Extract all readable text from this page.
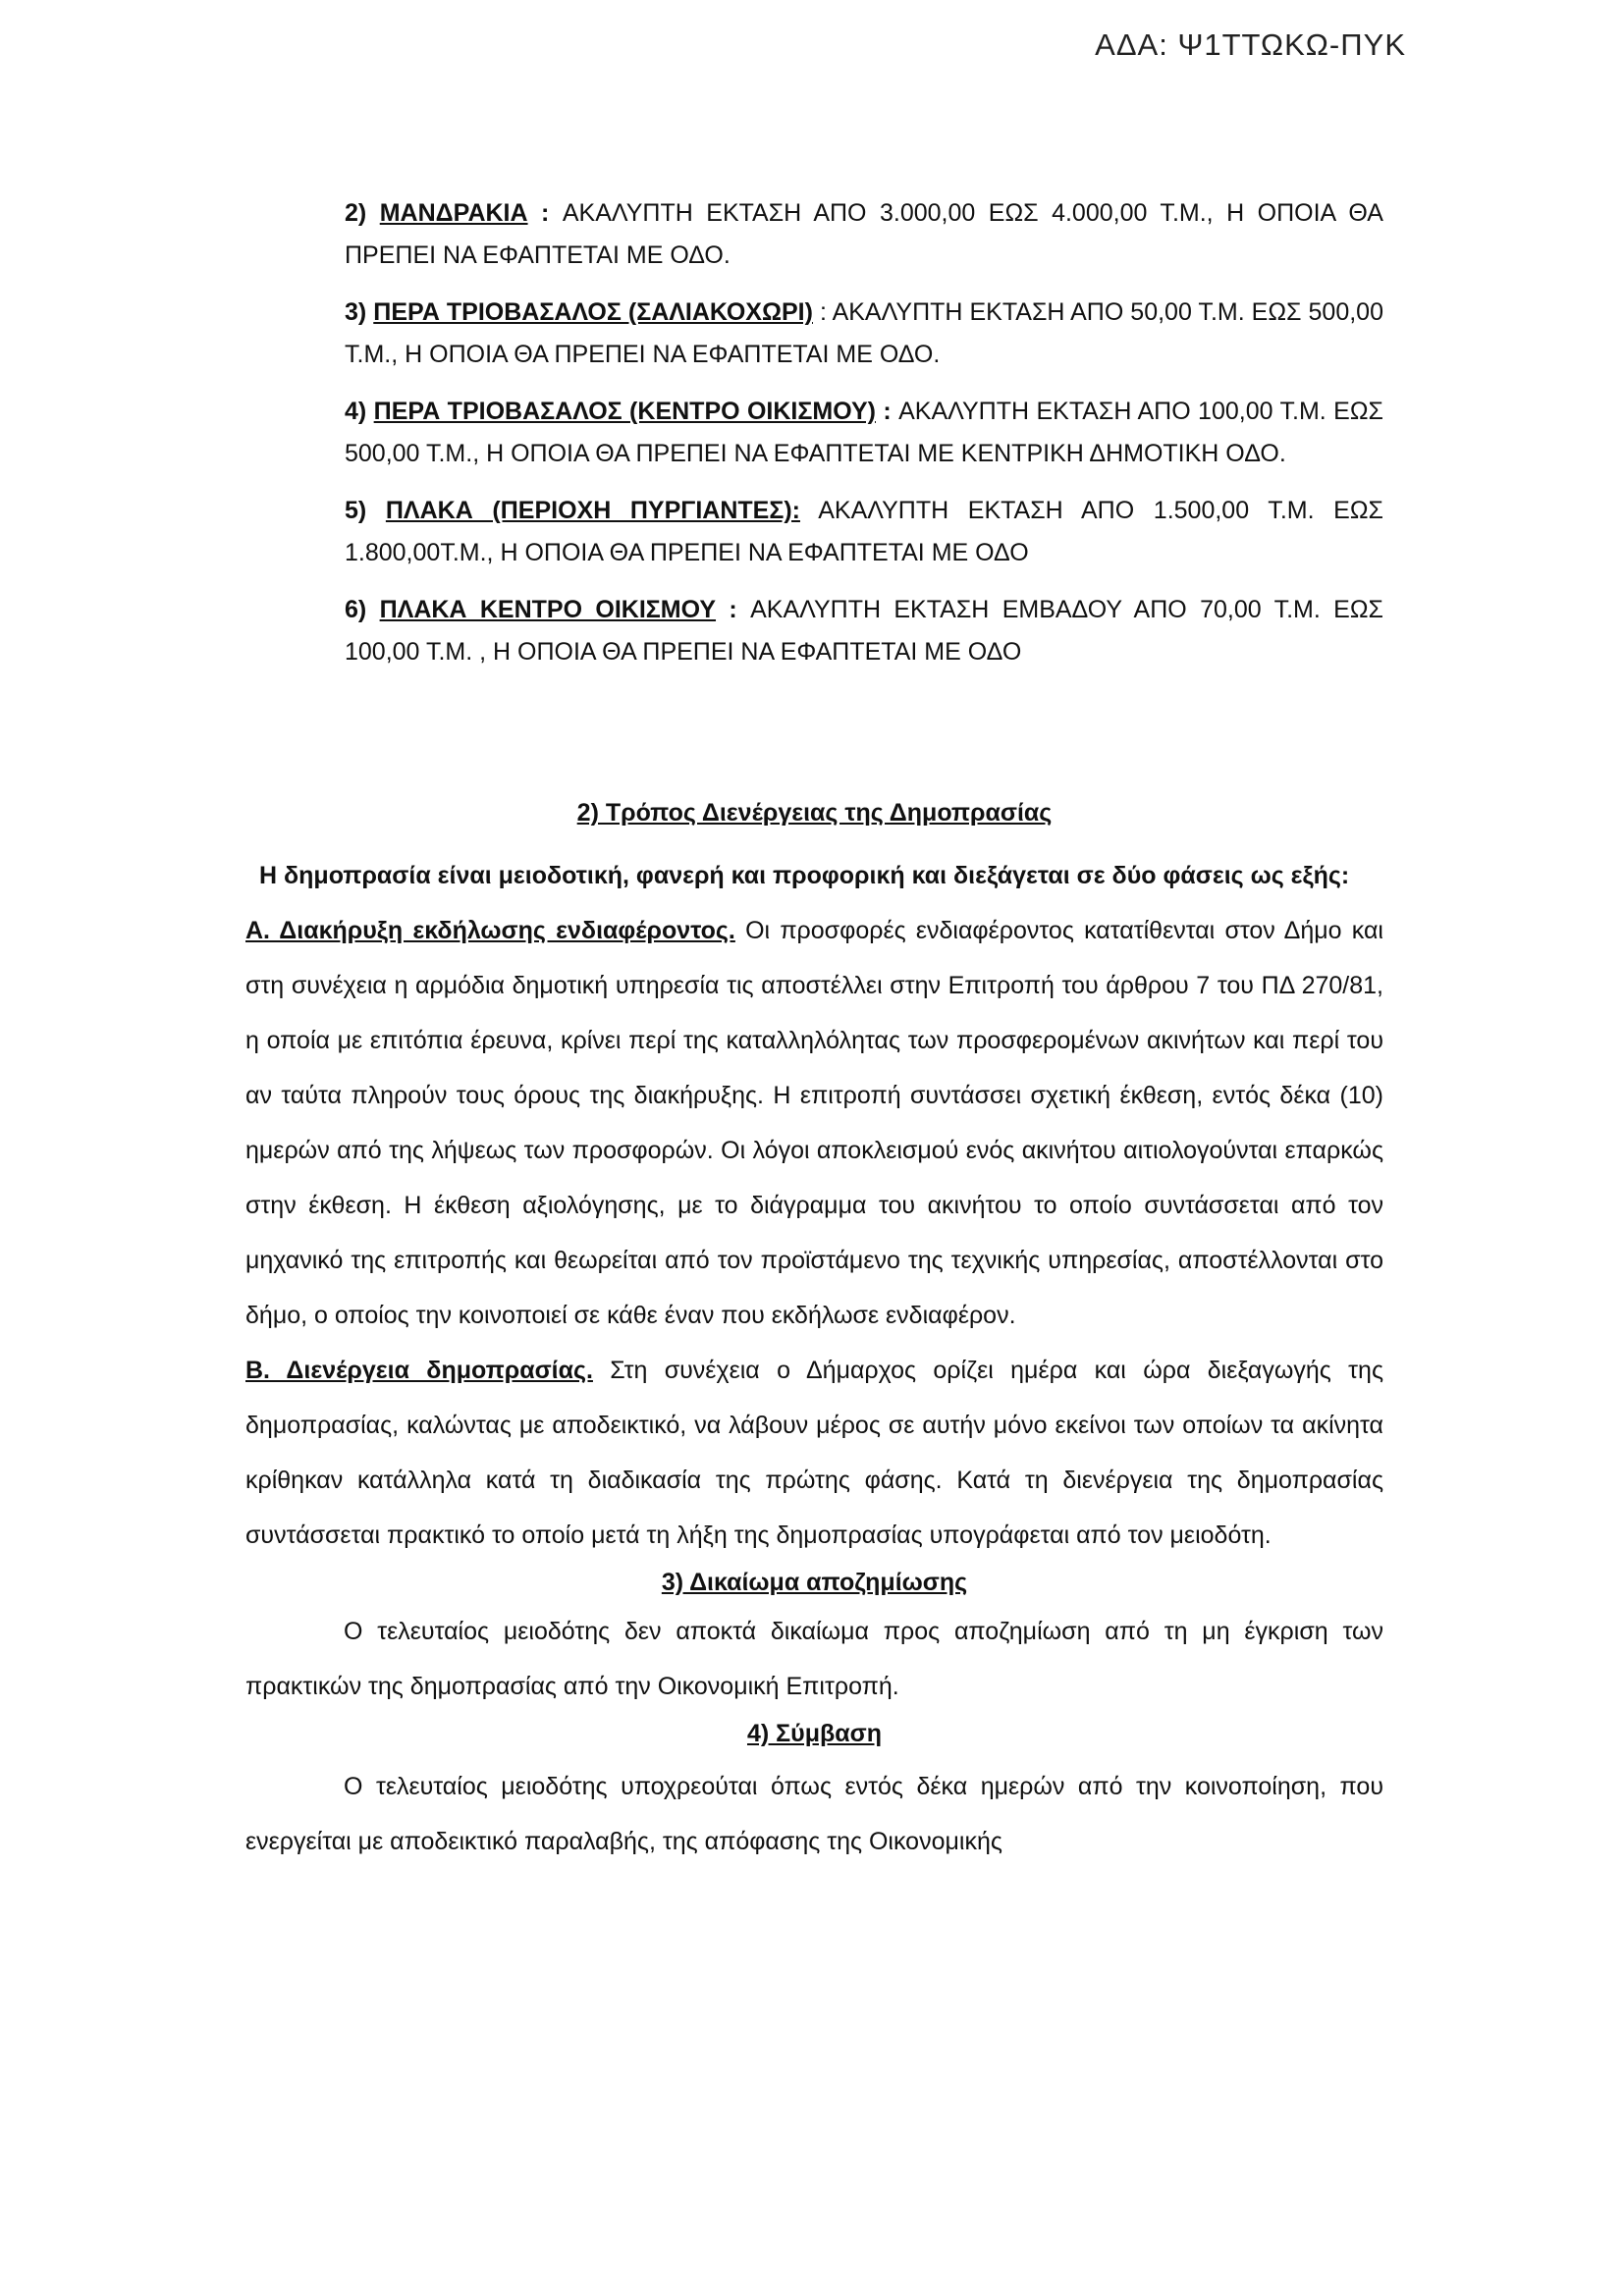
ΑΔΑ: Ψ1ΤΤΩΚΩ-ΠΥΚ

2) ΜΑΝΔΡΑΚΙΑ : ΑΚΑΛΥΠΤΗ ΕΚΤΑΣΗ ΑΠΟ 3.000,00 ΕΩΣ 4.000,00 Τ.Μ., Η ΟΠΟΙΑ ΘΑ ΠΡΕΠΕΙ ΝΑ ΕΦΑΠΤΕΤΑΙ ΜΕ ΟΔΟ.

3) ΠΕΡΑ ΤΡΙΟΒΑΣΑΛΟΣ (ΣΑΛΙΑΚΟΧΩΡΙ) : ΑΚΑΛΥΠΤΗ ΕΚΤΑΣΗ ΑΠΟ 50,00 Τ.Μ. ΕΩΣ 500,00 Τ.Μ., Η ΟΠΟΙΑ ΘΑ ΠΡΕΠΕΙ ΝΑ ΕΦΑΠΤΕΤΑΙ ΜΕ ΟΔΟ.

4) ΠΕΡΑ ΤΡΙΟΒΑΣΑΛΟΣ (ΚΕΝΤΡΟ ΟΙΚΙΣΜΟΥ) : ΑΚΑΛΥΠΤΗ ΕΚΤΑΣΗ ΑΠΟ 100,00 Τ.Μ. ΕΩΣ 500,00 Τ.Μ., Η ΟΠΟΙΑ ΘΑ ΠΡΕΠΕΙ ΝΑ ΕΦΑΠΤΕΤΑΙ ΜΕ ΚΕΝΤΡΙΚΗ ΔΗΜΟΤΙΚΗ ΟΔΟ.

5) ΠΛΑΚΑ (ΠΕΡΙΟΧΗ ΠΥΡΓΙΑΝΤΕΣ): ΑΚΑΛΥΠΤΗ ΕΚΤΑΣΗ ΑΠΟ 1.500,00 Τ.Μ. ΕΩΣ 1.800,00Τ.Μ., Η ΟΠΟΙΑ ΘΑ ΠΡΕΠΕΙ ΝΑ ΕΦΑΠΤΕΤΑΙ ΜΕ ΟΔΟ

6) ΠΛΑΚΑ ΚΕΝΤΡΟ ΟΙΚΙΣΜΟΥ : ΑΚΑΛΥΠΤΗ ΕΚΤΑΣΗ ΕΜΒΑΔΟΥ ΑΠΟ 70,00 Τ.Μ. ΕΩΣ 100,00 Τ.Μ. , Η ΟΠΟΙΑ ΘΑ ΠΡΕΠΕΙ ΝΑ ΕΦΑΠΤΕΤΑΙ ΜΕ ΟΔΟ

2) Τρόπος Διενέργειας της Δημοπρασίας

Η δημοπρασία είναι μειοδοτική, φανερή και προφορική και διεξάγεται σε δύο φάσεις ως εξής:

Α. Διακήρυξη εκδήλωσης ενδιαφέροντος. Οι προσφορές ενδιαφέροντος κατατίθενται στον Δήμο και στη συνέχεια η αρμόδια δημοτική υπηρεσία τις αποστέλλει στην Επιτροπή του άρθρου 7 του ΠΔ 270/81, η οποία με επιτόπια έρευνα, κρίνει περί της καταλληλόλητας των προσφερομένων ακινήτων και περί του αν ταύτα πληρούν τους όρους της διακήρυξης. Η επιτροπή συντάσσει σχετική έκθεση, εντός δέκα (10) ημερών από της λήψεως των προσφορών. Οι λόγοι αποκλεισμού ενός ακινήτου αιτιολογούνται επαρκώς στην έκθεση. Η έκθεση αξιολόγησης, με το διάγραμμα του ακινήτου το οποίο συντάσσεται από τον μηχανικό της επιτροπής και θεωρείται από τον προϊστάμενο της τεχνικής υπηρεσίας, αποστέλλονται στο δήμο, ο οποίος την κοινοποιεί σε κάθε έναν που εκδήλωσε ενδιαφέρον.

Β. Διενέργεια δημοπρασίας. Στη συνέχεια ο Δήμαρχος ορίζει ημέρα και ώρα διεξαγωγής της δημοπρασίας, καλώντας με αποδεικτικό, να λάβουν μέρος σε αυτήν μόνο εκείνοι των οποίων τα ακίνητα κρίθηκαν κατάλληλα κατά τη διαδικασία της πρώτης φάσης. Κατά τη διενέργεια της δημοπρασίας συντάσσεται πρακτικό το οποίο μετά τη λήξη της δημοπρασίας υπογράφεται από τον μειοδότη.

3) Δικαίωμα αποζημίωσης

Ο τελευταίος μειοδότης δεν αποκτά δικαίωμα προς αποζημίωση από τη μη έγκριση των πρακτικών της δημοπρασίας από την Οικονομική Επιτροπή.

4) Σύμβαση

Ο τελευταίος μειοδότης υποχρεούται όπως εντός δέκα ημερών από την κοινοποίηση, που ενεργείται με αποδεικτικό παραλαβής, της απόφασης της Οικονομικής
